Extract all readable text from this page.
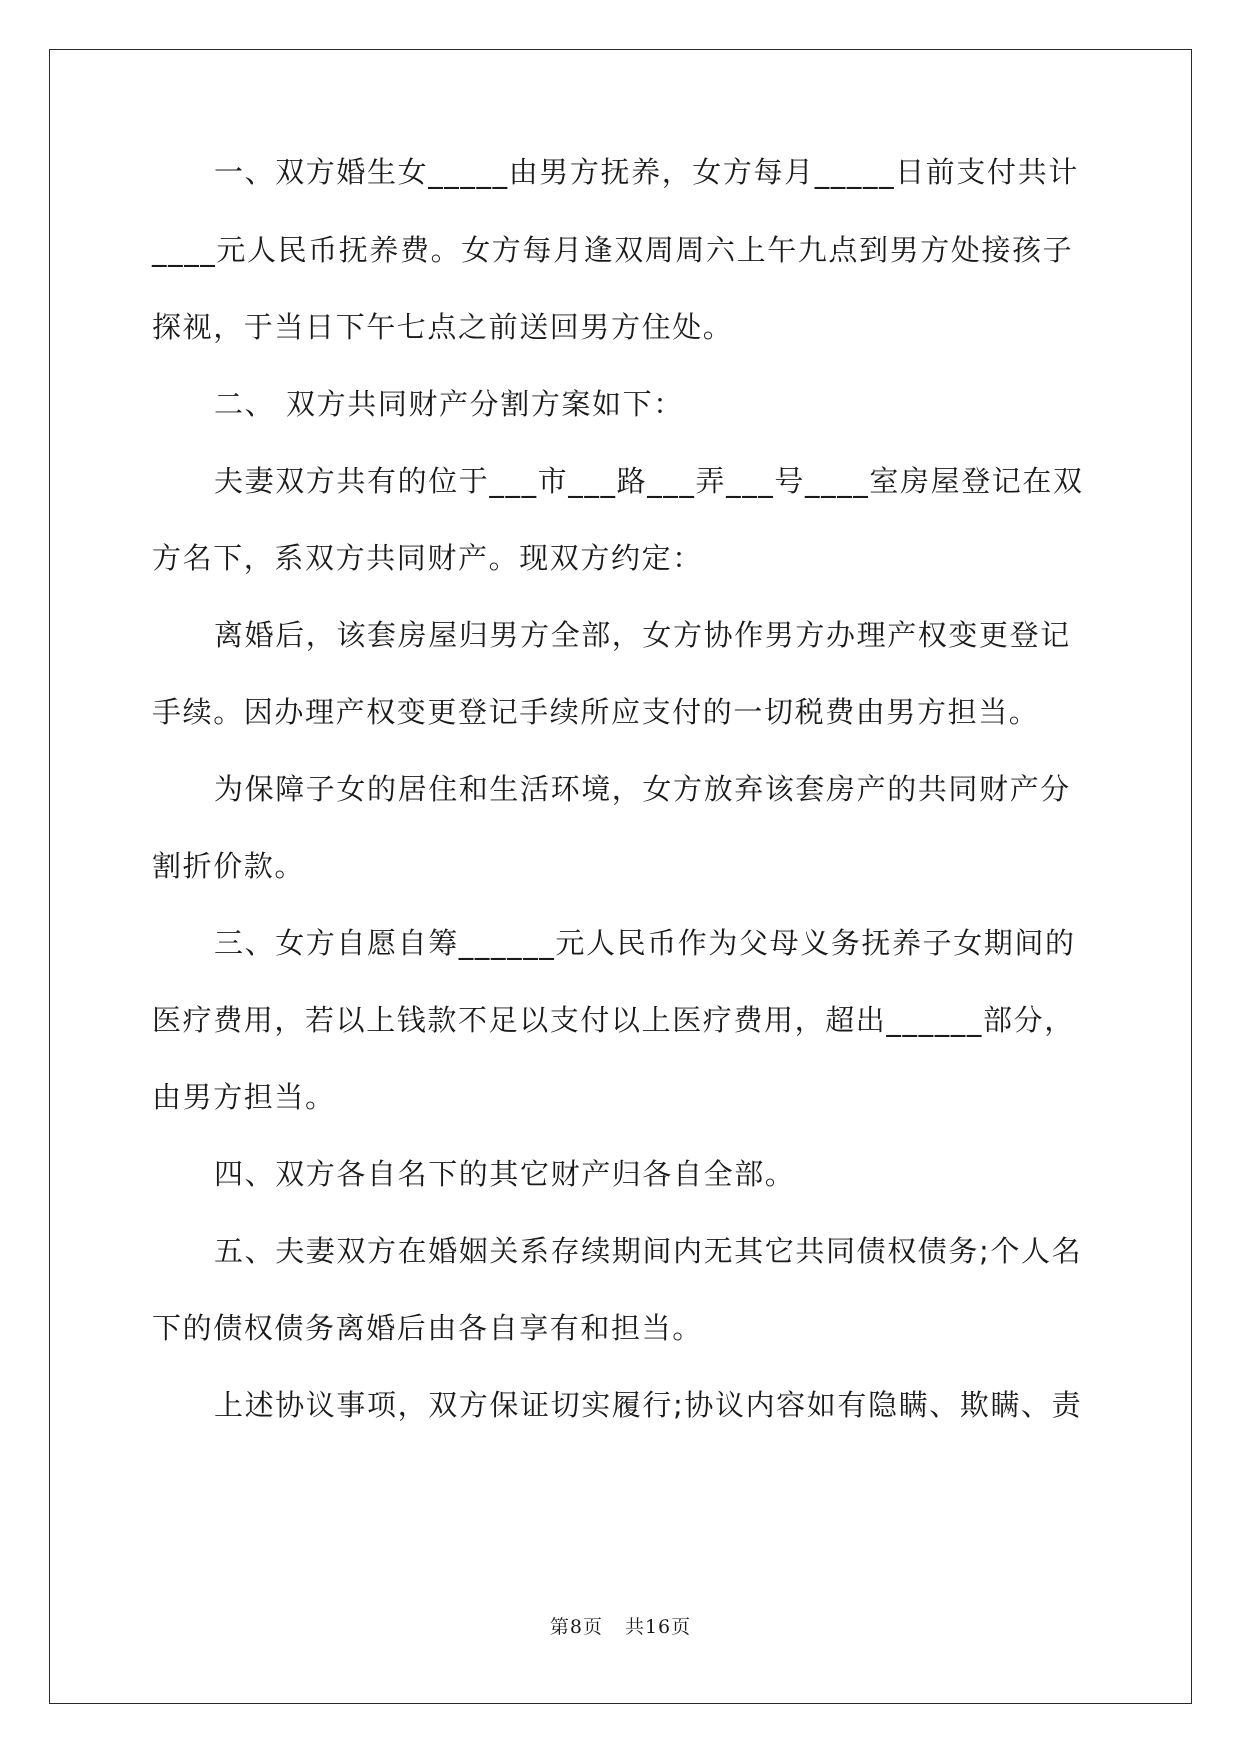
一、双方婚生女_____由男方抚养，女方每月_____日前支付共计

____元人民币抚养费。女方每月逢双周周六上午九点到男方处接孩子

探视，于当日下午七点之前送回男方住处。

二、 双方共同财产分割方案如下：

夫妻双方共有的位于___市___路___弄___号____室房屋登记在双

方名下，系双方共同财产。现双方约定：

离婚后，该套房屋归男方全部，女方协作男方办理产权变更登记

手续。因办理产权变更登记手续所应支付的一切税费由男方担当。

为保障子女的居住和生活环境，女方放弃该套房产的共同财产分

割折价款。

三、女方自愿自筹______元人民币作为父母义务抚养子女期间的

医疗费用，若以上钱款不足以支付以上医疗费用，超出______部分，

由男方担当。

四、双方各自名下的其它财产归各自全部。

五、夫妻双方在婚姻关系存续期间内无其它共同债权债务;个人名

下的债权债务离婚后由各自享有和担当。

上述协议事项，双方保证切实履行;协议内容如有隐瞒、欺瞒、责

第8页 共16页
